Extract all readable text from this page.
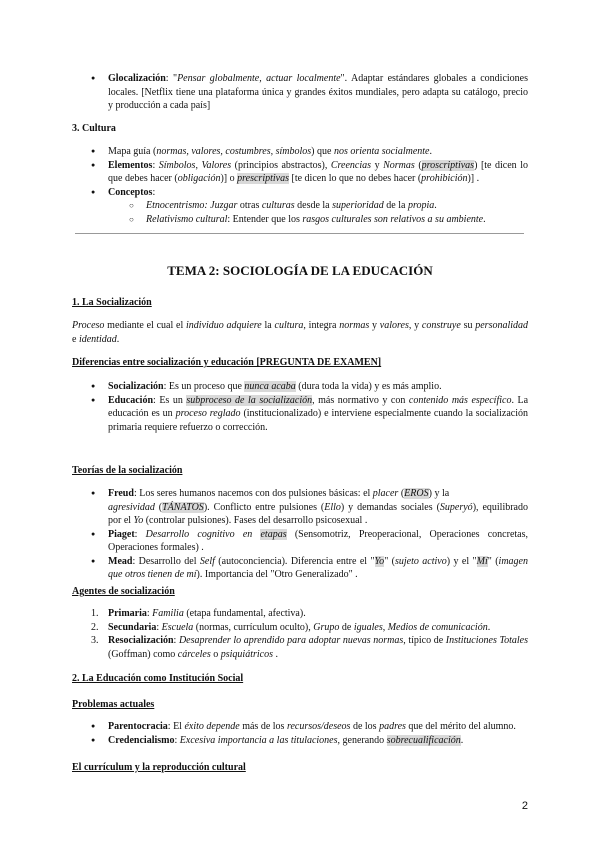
● Glocalización: "Pensar globalmente, actuar localmente". Adaptar estándares globales a condiciones locales. [Netflix tiene una plataforma única y grandes éxitos mundiales, pero adapta su catálogo, precio y producción a cada país]
3. Cultura
● Mapa guía (normas, valores, costumbres, símbolos) que nos orienta socialmente.
● Elementos: Símbolos, Valores (principios abstractos), Creencias y Normas (proscriptivas) [te dicen lo que debes hacer (obligación)] o prescriptivas [te dicen lo que no debes hacer (prohibición)] .
● Conceptos:
○ Etnocentrismo: Juzgar otras culturas desde la superioridad de la propia.
○ Relativismo cultural: Entender que los rasgos culturales son relativos a su ambiente.
TEMA 2: SOCIOLOGÍA DE LA EDUCACIÓN
1. La Socialización
Proceso mediante el cual el individuo adquiere la cultura, integra normas y valores, y construye su personalidad e identidad.
Diferencias entre socialización y educación [PREGUNTA DE EXAMEN]
● Socialización: Es un proceso que nunca acaba (dura toda la vida) y es más amplio.
● Educación: Es un subproceso de la socialización, más normativo y con contenido más específico. La educación es un proceso reglado (institucionalizado) e interviene especialmente cuando la socialización primaria requiere refuerzo o corrección.
Teorías de la socialización
● Freud: Los seres humanos nacemos con dos pulsiones básicas: el placer (EROS) y la
agresividad (TÁNATOS). Conflicto entre pulsiones (Ello) y demandas sociales (Superyó), equilibrado por el Yo (controlar pulsiones). Fases del desarrollo psicosexual .
● Piaget: Desarrollo cognitivo en etapas (Sensomotriz, Preoperacional, Operaciones concretas, Operaciones formales) .
● Mead: Desarrollo del Self (autoconciencia). Diferencia entre el "Yo" (sujeto activo) y el "Mí" (imagen que otros tienen de mí). Importancia del "Otro Generalizado" .
Agentes de socialización
1. Primaria: Familia (etapa fundamental, afectiva).
2. Secundaria: Escuela (normas, currículum oculto), Grupo de iguales, Medios de comunicación.
3. Resocialización: Desaprender lo aprendido para adoptar nuevas normas, típico de Instituciones Totales (Goffman) como cárceles o psiquiátricos .
2. La Educación como Institución Social
Problemas actuales
● Parentocracia: El éxito depende más de los recursos/deseos de los padres que del mérito del alumno.
● Credencialismo: Excesiva importancia a las titulaciones, generando sobrecualificación.
El currículum y la reproducción cultural
2
